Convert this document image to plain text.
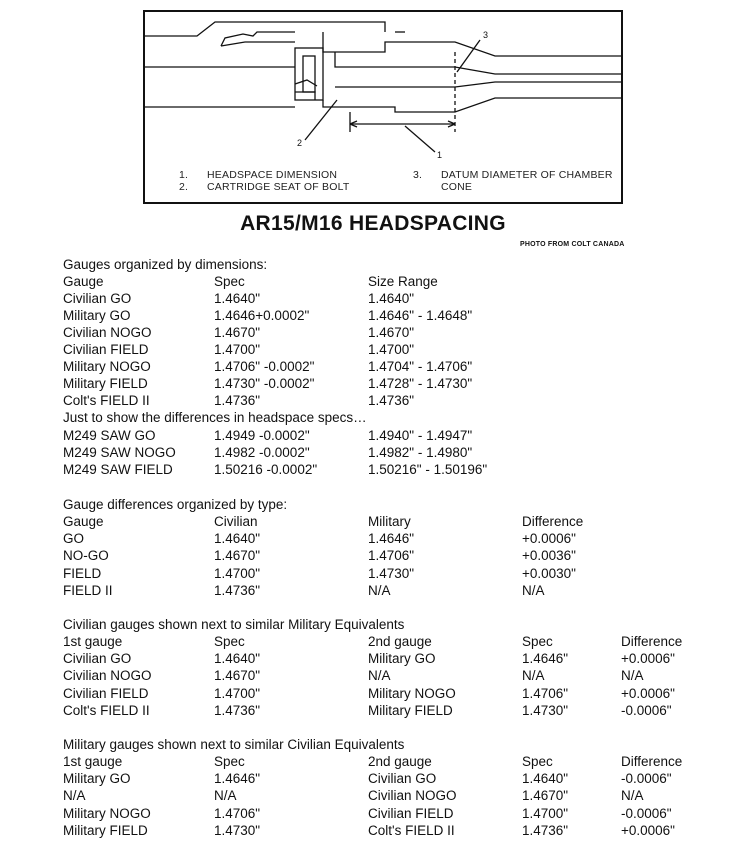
1
2
3
1. HEADSPACE DIMENSION
2. CARTRIDGE SEAT OF BOLT
3. DATUM DIAMETER OF CHAMBER
CONE
AR15/M16 HEADSPACING
PHOTO FROM COLT CANADA
Gauges organized by dimensions:
Gauge	Spec	Size Range
Civilian GO	1.4640"	1.4640"
Military GO	1.4646+0.0002"	1.4646" - 1.4648"
Civilian NOGO	1.4670"	1.4670"
Civilian FIELD	1.4700"	1.4700"
Military NOGO	1.4706" -0.0002"	1.4704" - 1.4706"
Military FIELD	1.4730" -0.0002"	1.4728" - 1.4730"
Colt's FIELD II	1.4736"	1.4736"
Just to show the differences in headspace specs…
M249 SAW GO	1.4949 -0.0002"	1.4940" - 1.4947"
M249 SAW NOGO	1.4982 -0.0002"	1.4982" - 1.4980"
M249 SAW FIELD	1.50216 -0.0002"	1.50216" - 1.50196"
Gauge differences organized by type:
Gauge	Civilian	Military	Difference
GO	1.4640"	1.4646"	+0.0006"
NO-GO	1.4670"	1.4706"	+0.0036"
FIELD	1.4700"	1.4730"	+0.0030"
FIELD II	1.4736"	N/A	N/A
Civilian gauges shown next to similar Military Equivalents
1st gauge	Spec	2nd gauge	Spec	Difference
Civilian GO	1.4640"	Military GO	1.4646"	+0.0006"
Civilian NOGO	1.4670"	N/A	N/A	N/A
Civilian FIELD	1.4700"	Military NOGO	1.4706"	+0.0006"
Colt's FIELD II	1.4736"	Military FIELD	1.4730"	-0.0006"
Military gauges shown next to similar Civilian Equivalents
1st gauge	Spec	2nd gauge	Spec	Difference
Military GO	1.4646"	Civilian GO	1.4640"	-0.0006"
N/A	N/A	Civilian NOGO	1.4670"	N/A
Military NOGO	1.4706"	Civilian FIELD	1.4700"	-0.0006"
Military FIELD	1.4730"	Colt's FIELD II	1.4736"	+0.0006"
